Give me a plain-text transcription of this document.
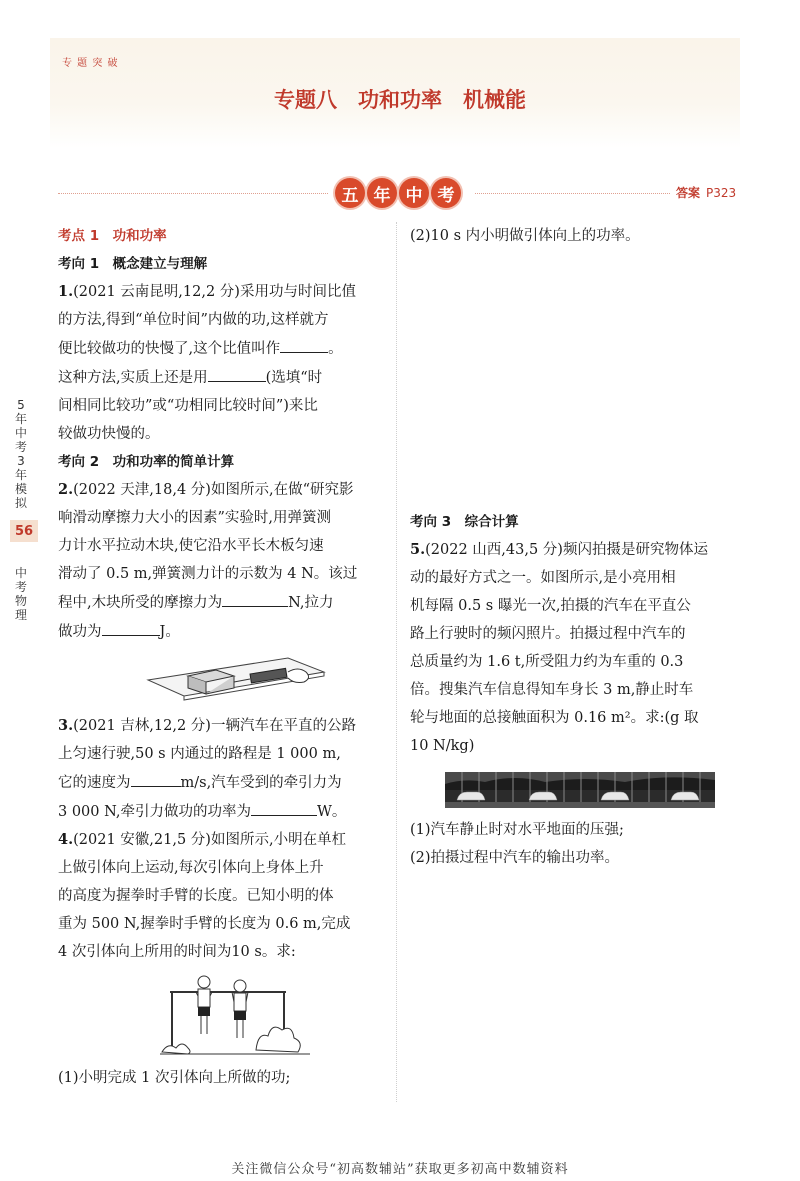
专 题 突 破
专题八　功和功率　机械能
五 年 中 考	答案 P323
5年中考3年模拟
56
中考物理

考点 1　功和功率

考向 1　概念建立与理解

1.(2021 云南昆明,12,2 分)采用功与时间比值

的方法,得到“单位时间”内做的功,这样就方

便比较做功的快慢了,这个比值叫作	。

这种方法,实质上还是用	(选填“时

间相同比较功”或“功相同比较时间”)来比

较做功快慢的。

考向 2　功和功率的简单计算

2.(2022 天津,18,4 分)如图所示,在做“研究影

响滑动摩擦力大小的因素”实验时,用弹簧测

力计水平拉动木块,使它沿水平长木板匀速

滑动了 0.5 m,弹簧测力计的示数为 4 N。该过

程中,木块所受的摩擦力为	N,拉力

做功为	J。

3.(2021 吉林,12,2 分)一辆汽车在平直的公路

上匀速行驶,50 s 内通过的路程是 1 000 m,

它的速度为	m/s,汽车受到的牵引力为

3 000 N,牵引力做功的功率为	W。

4.(2021 安徽,21,5 分)如图所示,小明在单杠

上做引体向上运动,每次引体向上身体上升

的高度为握拳时手臂的长度。已知小明的体

重为 500 N,握拳时手臂的长度为 0.6 m,完成

4 次引体向上所用的时间为10 s。求:

(1)小明完成 1 次引体向上所做的功;

(2)10 s 内小明做引体向上的功率。

考向 3　综合计算

5.(2022 山西,43,5 分)频闪拍摄是研究物体运

动的最好方式之一。如图所示,是小亮用相

机每隔 0.5 s 曝光一次,拍摄的汽车在平直公

路上行驶时的频闪照片。拍摄过程中汽车的

总质量约为 1.6 t,所受阻力约为车重的 0.3

倍。搜集汽车信息得知车身长 3 m,静止时车

轮与地面的总接触面积为 0.16 m²。求:(g 取

10 N/kg)

(1)汽车静止时对水平地面的压强;

(2)拍摄过程中汽车的输出功率。

关注微信公众号“初高数辅站”获取更多初高中数辅资料
